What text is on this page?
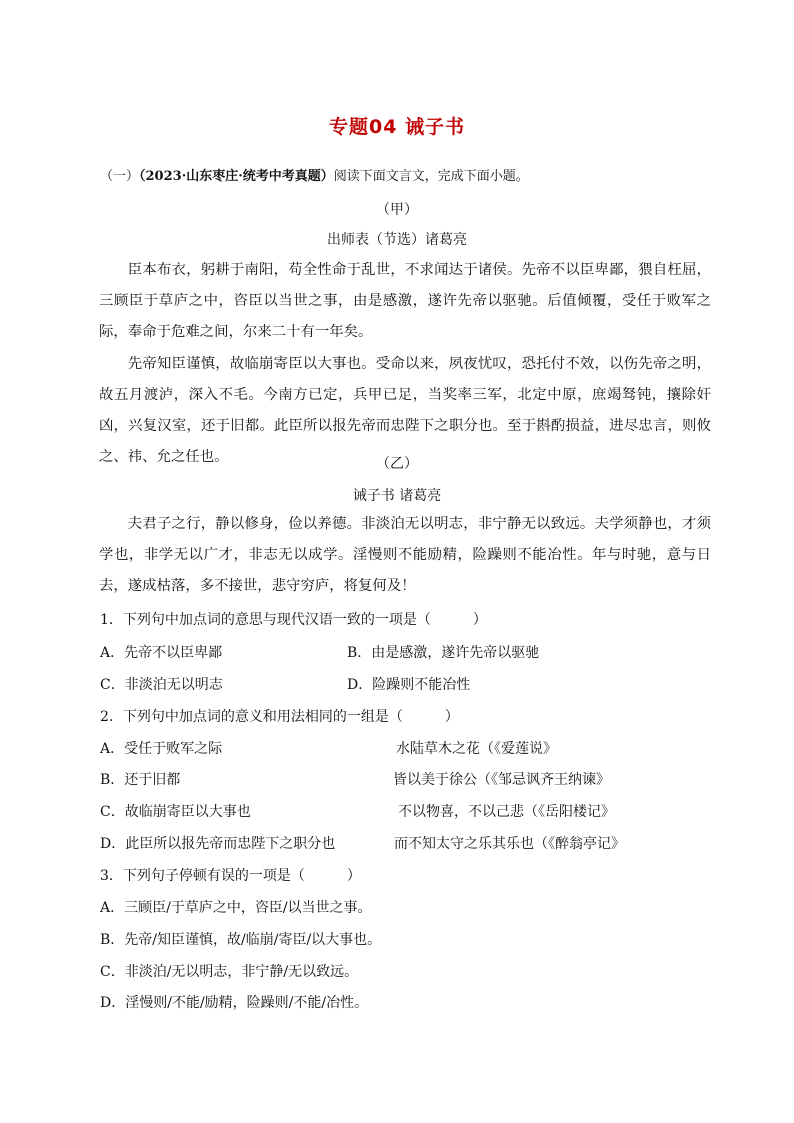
专题04 诫子书
（一）（2023·山东枣庄·统考中考真题）阅读下面文言文，完成下面小题。
（甲）
出师表（节选）诸葛亮

臣本布衣，躬耕于南阳，苟全性命于乱世，不求闻达于诸侯。先帝不以臣卑鄙，猥自枉屈，三顾臣于草庐之中，咨臣以当世之事，由是感激，遂许先帝以驱驰。后值倾覆，受任于败军之际，奉命于危难之间，尔来二十有一年矣。

先帝知臣谨慎，故临崩寄臣以大事也。受命以来，夙夜忧叹，恐托付不效，以伤先帝之明，故五月渡泸，深入不毛。今南方已定，兵甲已足，当奖率三军，北定中原，庶竭驽钝，攘除奸凶，兴复汉室，还于旧都。此臣所以报先帝而忠陛下之职分也。至于斟酌损益，进尽忠言，则攸之、祎、允之任也。	（乙）
诫子书 诸葛亮

夫君子之行，静以修身，俭以养德。非淡泊无以明志，非宁静无以致远。夫学须静也，才须学也，非学无以广才，非志无以成学。淫慢则不能励精，险躁则不能冶性。年与时驰，意与日去，遂成枯落，多不接世，悲守穷庐，将复何及！

1．下列句中加点词的意思与现代汉语一致的一项是（　　　）
A．先帝不以臣卑鄙	B．由是感激，遂许先帝以驱驰
C．非淡泊无以明志	D．险躁则不能冶性
2．下列句中加点词的意义和用法相同的一组是（　　　）
A．受任于败军之际	水陆草木之花（《爱莲说》
B．还于旧都	皆以美于徐公（《邹忌讽齐王纳谏》
C．故临崩寄臣以大事也	不以物喜，不以己悲（《岳阳楼记》
D．此臣所以报先帝而忠陛下之职分也	而不知太守之乐其乐也（《醉翁亭记》
3．下列句子停顿有误的一项是（　　　）
A．三顾臣/于草庐之中，咨臣/以当世之事。
B．先帝/知臣谨慎，故/临崩/寄臣/以大事也。
C．非淡泊/无以明志，非宁静/无以致远。
D．淫慢则/不能/励精，险躁则/不能/冶性。
